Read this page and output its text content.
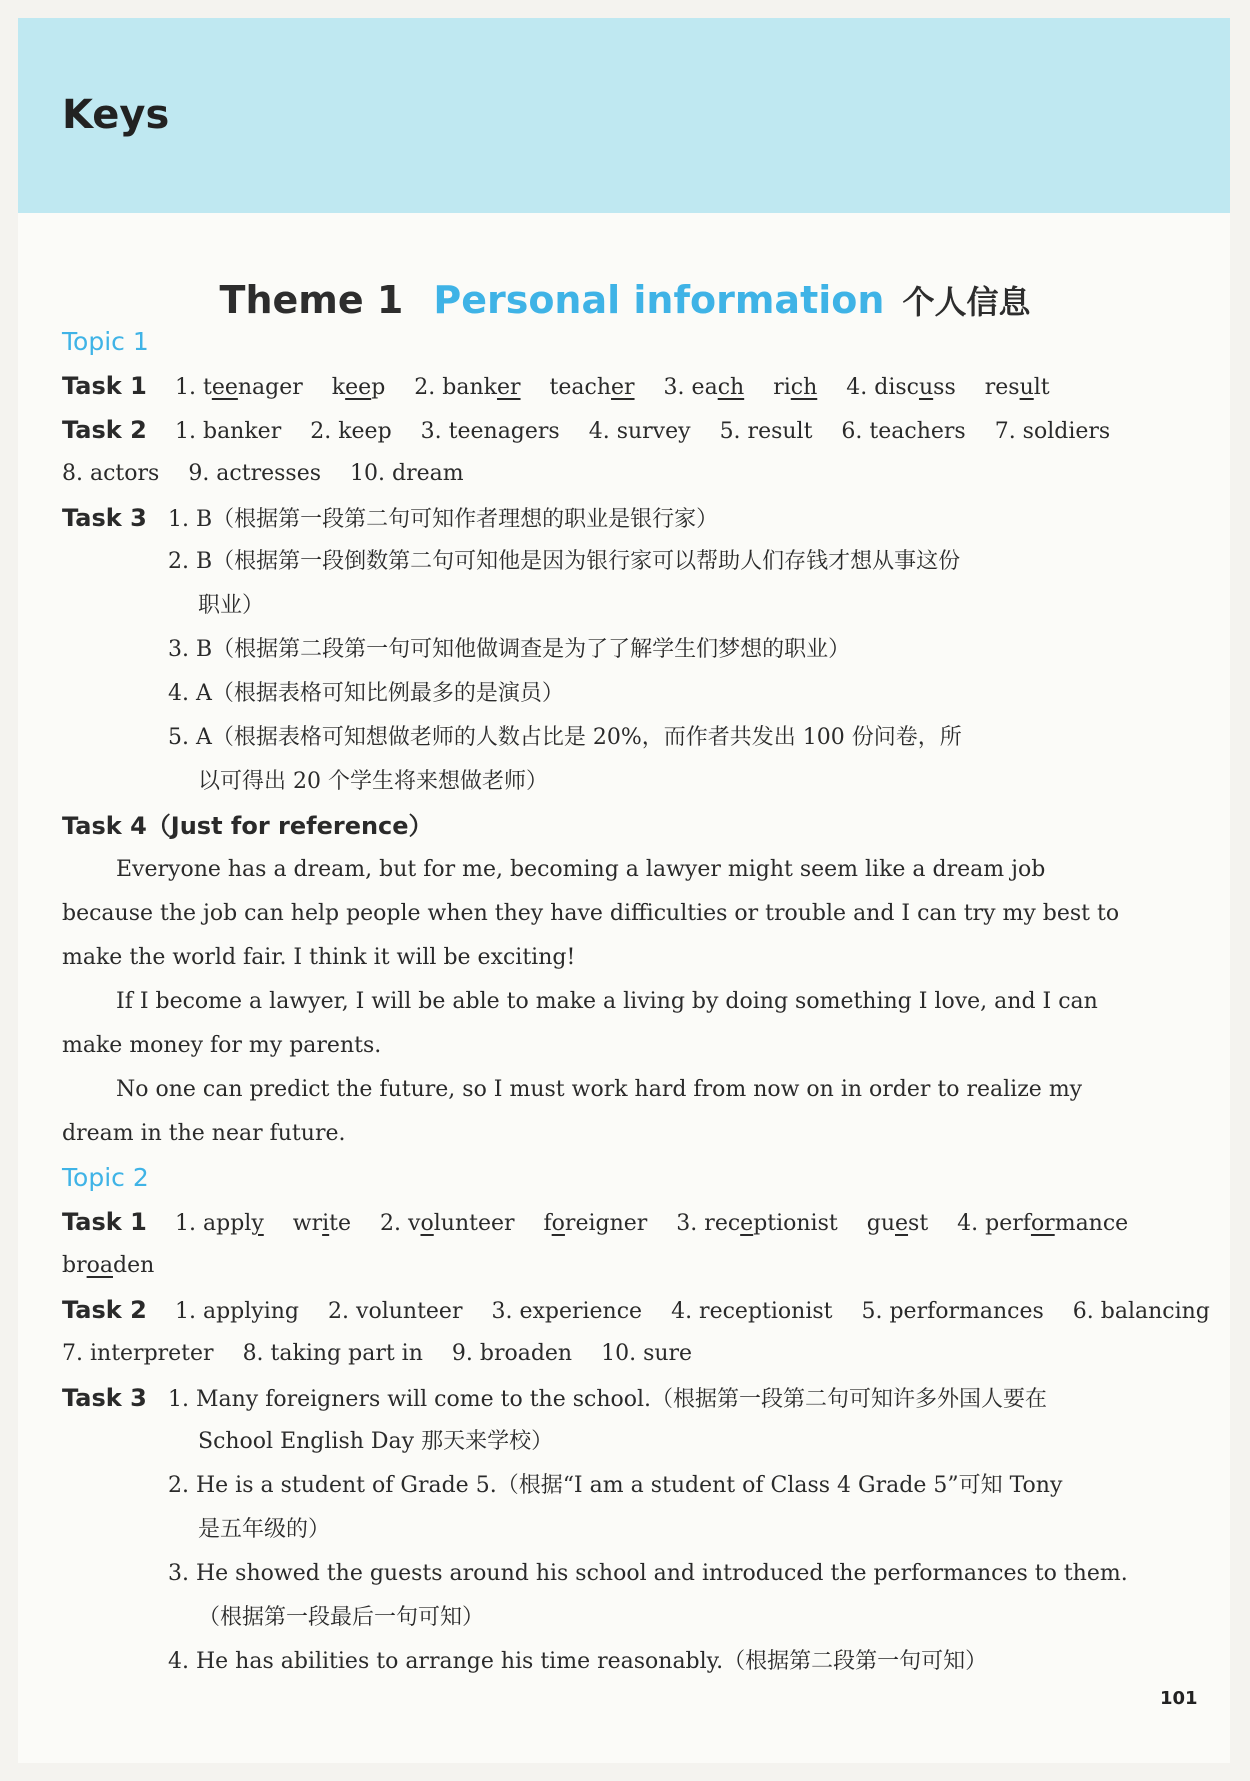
Keys
Theme 1 Personal information 个人信息
Topic 1
Task 1 1. teenager keep 2. banker teacher 3. each rich 4. discuss result
Task 2 1. banker 2. keep 3. teenagers 4. survey 5. result 6. teachers 7. soldiers
8. actors 9. actresses 10. dream
Task 3 1. B（根据第一段第二句可知作者理想的职业是银行家）
2. B（根据第一段倒数第二句可知他是因为银行家可以帮助人们存钱才想从事这份
职业）
3. B（根据第二段第一句可知他做调查是为了了解学生们梦想的职业）
4. A（根据表格可知比例最多的是演员）
5. A（根据表格可知想做老师的人数占比是 20%，而作者共发出 100 份问卷，所
以可得出 20 个学生将来想做老师）
Task 4（Just for reference）

Everyone has a dream, but for me, becoming a lawyer might seem like a dream job because the job can help people when they have difficulties or trouble and I can try my best to make the world fair. I think it will be exciting!

If I become a lawyer, I will be able to make a living by doing something I love, and I can make money for my parents.

No one can predict the future, so I must work hard from now on in order to realize my dream in the near future.

Topic 2
Task 1 1. apply write 2. volunteer foreigner 3. receptionist guest 4. performance
broaden
Task 2 1. applying 2. volunteer 3. experience 4. receptionist 5. performances 6. balancing
7. interpreter 8. taking part in 9. broaden 10. sure
Task 3 1. Many foreigners will come to the school.（根据第一段第二句可知许多外国人要在
School English Day 那天来学校）
2. He is a student of Grade 5.（根据“I am a student of Class 4 Grade 5”可知 Tony
是五年级的）
3. He showed the guests around his school and introduced the performances to them.
（根据第一段最后一句可知）
4. He has abilities to arrange his time reasonably.（根据第二段第一句可知）
101
